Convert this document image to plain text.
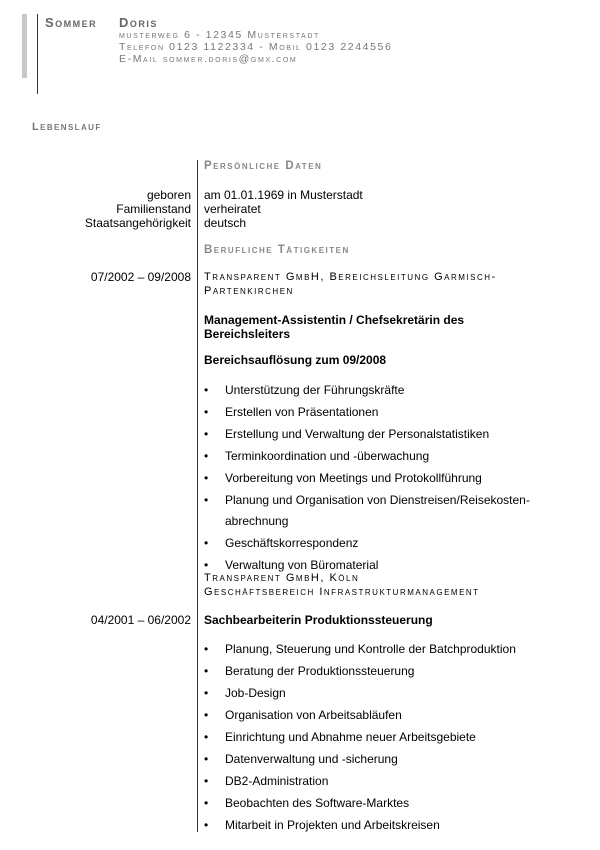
Sommer Doris
musterweg 6 - 12345 Musterstadt
Telefon 0123 1122334 - Mobil 0123 2244556
E-Mail sommer.doris@gmx.com
Lebenslauf
Persönliche Daten
geboren am 01.01.1969 in Musterstadt
Familienstand verheiratet
Staatsangehörigkeit deutsch
Berufliche Tätigkeiten
07/2002 – 09/2008 Transparent GmbH, Bereichsleitung Garmisch-
Partenkirchen
Management-Assistentin / Chefsekretärin des Bereichsleiters
Bereichsauflösung zum 09/2008
• Unterstützung der Führungskräfte
• Erstellen von Präsentationen
• Erstellung und Verwaltung der Personalstatistiken
• Terminkoordination und -überwachung
• Vorbereitung von Meetings und Protokollführung
• Planung und Organisation von Dienstreisen/Reisekosten-
abrechnung
• Geschäftskorrespondenz
• Verwaltung von Büromaterial
Transparent GmbH, Köln
Geschäftsbereich Infrastrukturmanagement
04/2001 – 06/2002 Sachbearbeiterin Produktionssteuerung
• Planung, Steuerung und Kontrolle der Batchproduktion
• Beratung der Produktionssteuerung
• Job-Design
• Organisation von Arbeitsabläufen
• Einrichtung und Abnahme neuer Arbeitsgebiete
• Datenverwaltung und -sicherung
• DB2-Administration
• Beobachten des Software-Marktes
• Mitarbeit in Projekten und Arbeitskreisen
